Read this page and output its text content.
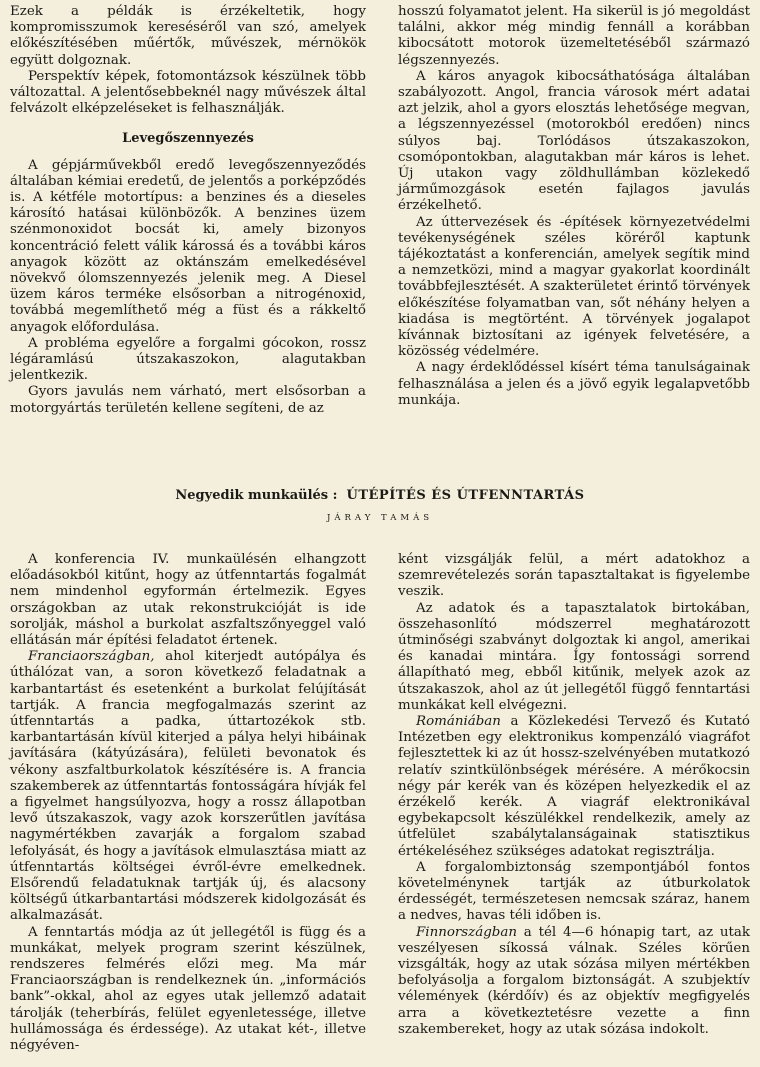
Ezek a példák is érzékeltetik, hogy kompromisszumok kereséséről van szó, amelyek előkészítésében műértők, művészek, mérnökök együtt dolgoznak.

Perspektív képek, fotomontázsok készülnek több változattal. A jelentősebbeknél nagy művészek által felvázolt elképzeléseket is felhasználják.

Levegőszennyezés

A gépjárművekből eredő levegőszennyeződés általában kémiai eredetű, de jelentős a porképződés is. A kétféle motortípus: a benzines és a dieseles károsító hatásai különbözők. A benzines üzem szénmonoxidot bocsát ki, amely bizonyos koncentráció felett válik károssá és a további káros anyagok között az oktánszám emelkedésével növekvő ólomszennyezés jelenik meg. A Diesel üzem káros terméke elsősorban a nitrogénoxid, továbbá megemlíthető még a füst és a rákkeltő anyagok előfordulása.

A probléma egyelőre a forgalmi gócokon, rossz légáramlású útszakaszokon, alagutakban jelentkezik.

Gyors javulás nem várható, mert elsősorban a motorgyártás területén kellene segíteni, de az

hosszú folyamatot jelent. Ha sikerül is jó megoldást találni, akkor még mindig fennáll a korábban kibocsátott motorok üzemeltetéséből származó légszennyezés.

A káros anyagok kibocsáthatósága általában szabályozott. Angol, francia városok mért adatai azt jelzik, ahol a gyors elosztás lehetősége megvan, a légszennyezéssel (motorokból eredően) nincs súlyos baj. Torlódásos útszakaszokon, csomópontokban, alagutakban már káros is lehet. Új utakon vagy zöldhullámban közlekedő járműmozgások esetén fajlagos javulás érzékelhető.

Az úttervezések és -építések környezetvédelmi tevékenységének széles köréről kaptunk tájékoztatást a konferencián, amelyek segítik mind a nemzetközi, mind a magyar gyakorlat koordinált továbbfejlesztését. A szakterületet érintő törvények előkészítése folyamatban van, sőt néhány helyen a kiadása is megtörtént. A törvények jogalapot kívánnak biztosítani az igények felvetésére, a közösség védelmére.

A nagy érdeklődéssel kísért téma tanulságainak felhasználása a jelen és a jövő egyik legalapvetőbb munkája.

Negyedik munkaülés : ÚTÉPÍTÉS ÉS ÚTFENNTARTÁS
JÁRAY TAMÁS

A konferencia IV. munkaülésén elhangzott előadásokból kitűnt, hogy az útfenntartás fogalmát nem mindenhol egyformán értelmezik. Egyes országokban az utak rekonstrukcióját is ide sorolják, máshol a burkolat aszfaltszőnyeggel való ellátásán már építési feladatot értenek.

Franciaországban, ahol kiterjedt autópálya és úthálózat van, a soron következő feladatnak a karbantartást és esetenként a burkolat felújítását tartják. A francia megfogalmazás szerint az útfenntartás a padka, úttartozékok stb. karbantartásán kívül kiterjed a pálya helyi hibáinak javítására (kátyúzására), felületi bevonatok és vékony aszfaltburkolatok készítésére is. A francia szakemberek az útfenntartás fontosságára hívják fel a figyelmet hangsúlyozva, hogy a rossz állapotban levő útszakaszok, vagy azok korszerűtlen javítása nagymértékben zavarják a forgalom szabad lefolyását, és hogy a javítások elmulasztása miatt az útfenntartás költségei évről-évre emelkednek. Elsőrendű feladatuknak tartják új, és alacsony költségű útkarbantartási módszerek kidolgozását és alkalmazását.

A fenntartás módja az út jellegétől is függ és a munkákat, melyek program szerint készülnek, rendszeres felmérés előzi meg. Ma már Franciaországban is rendelkeznek ún. „információs bank”-okkal, ahol az egyes utak jellemző adatait tárolják (teherbírás, felület egyenletessége, illetve hullámossága és érdessége). Az utakat két-, illetve négyéven-

ként vizsgálják felül, a mért adatokhoz a szemrevételezés során tapasztaltakat is figyelembe veszik.

Az adatok és a tapasztalatok birtokában, összehasonlító módszerrel meghatározott útminőségi szabványt dolgoztak ki angol, amerikai és kanadai mintára. Így fontossági sorrend állapítható meg, ebből kitűnik, melyek azok az útszakaszok, ahol az út jellegétől függő fenntartási munkákat kell elvégezni.

Romániában a Közlekedési Tervező és Kutató Intézetben egy elektronikus kompenzáló viagráfot fejlesztettek ki az út hossz-szelvényében mutatkozó relatív szintkülönbségek mérésére. A mérőkocsin négy pár kerék van és középen helyezkedik el az érzékelő kerék. A viagráf elektronikával egybekapcsolt készülékkel rendelkezik, amely az útfelület szabálytalanságainak statisztikus értékeléséhez szükséges adatokat regisztrálja.

A forgalombiztonság szempontjából fontos követelménynek tartják az útburkolatok érdességét, természetesen nemcsak száraz, hanem a nedves, havas téli időben is.

Finnországban a tél 4—6 hónapig tart, az utak veszélyesen síkossá válnak. Széles körűen vizsgálták, hogy az utak sózása milyen mértékben befolyásolja a forgalom biztonságát. A szubjektív vélemények (kérdőív) és az objektív megfigyelés arra a következtetésre vezette a finn szakembereket, hogy az utak sózása indokolt.
